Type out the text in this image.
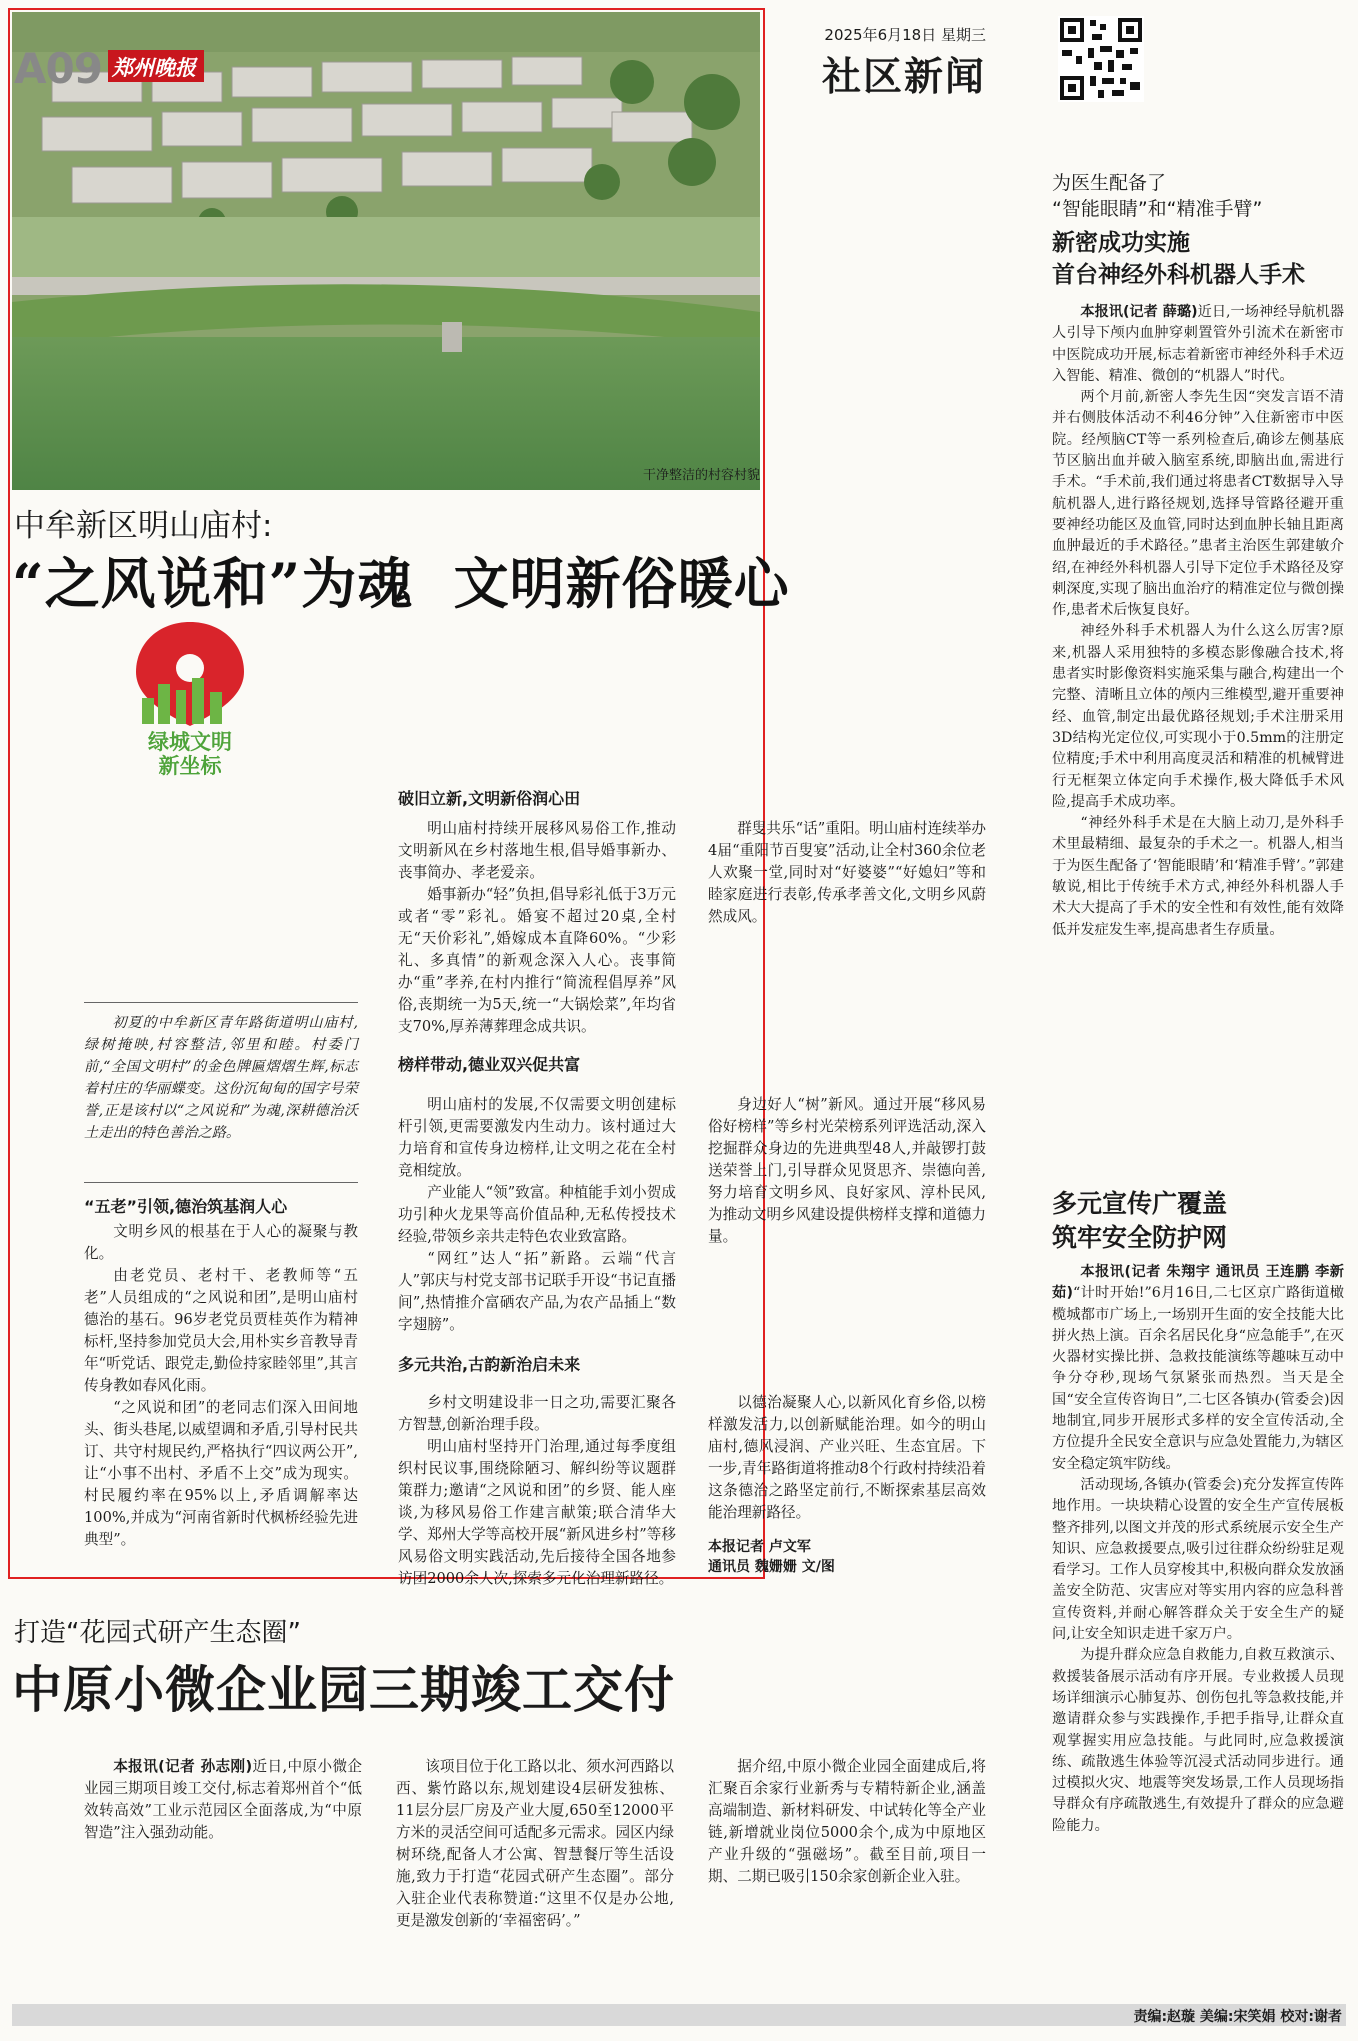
A09 郑州晚报
干净整洁的村容村貌
2025年6月18日 星期三
社区新闻
中牟新区明山庙村:
“之风说和”为魂  文明新俗暖心
绿城文明
新坐标
初夏的中牟新区青年路街道明山庙村,绿树掩映,村容整洁,邻里和睦。村委门前,“全国文明村”的金色牌匾熠熠生辉,标志着村庄的华丽蝶变。这份沉甸甸的国字号荣誉,正是该村以“之风说和”为魂,深耕德治沃土走出的特色善治之路。
“五老”引领,德治筑基润人心

文明乡风的根基在于人心的凝聚与教化。

由老党员、老村干、老教师等“五老”人员组成的“之风说和团”,是明山庙村德治的基石。96岁老党员贾桂英作为精神标杆,坚持参加党员大会,用朴实乡音教导青年“听党话、跟党走,勤俭持家睦邻里”,其言传身教如春风化雨。

“之风说和团”的老同志们深入田间地头、街头巷尾,以威望调和矛盾,引导村民共订、共守村规民约,严格执行“四议两公开”,让“小事不出村、矛盾不上交”成为现实。村民履约率在95%以上,矛盾调解率达100%,并成为“河南省新时代枫桥经验先进典型”。

破旧立新,文明新俗润心田

明山庙村持续开展移风易俗工作,推动文明新风在乡村落地生根,倡导婚事新办、丧事简办、孝老爱亲。

婚事新办“轻”负担,倡导彩礼低于3万元或者“零”彩礼。婚宴不超过20桌,全村无“天价彩礼”,婚嫁成本直降60%。“少彩礼、多真情”的新观念深入人心。丧事简办“重”孝养,在村内推行“简流程倡厚养”风俗,丧期统一为5天,统一“大锅烩菜”,年均省支70%,厚养薄葬理念成共识。

群叟共乐“话”重阳。明山庙村连续举办4届“重阳节百叟宴”活动,让全村360余位老人欢聚一堂,同时对“好婆婆”“好媳妇”等和睦家庭进行表彰,传承孝善文化,文明乡风蔚然成风。

榜样带动,德业双兴促共富

明山庙村的发展,不仅需要文明创建标杆引领,更需要激发内生动力。该村通过大力培育和宣传身边榜样,让文明之花在全村竞相绽放。

产业能人“领”致富。种植能手刘小贺成功引种火龙果等高价值品种,无私传授技术经验,带领乡亲共走特色农业致富路。

“网红”达人“拓”新路。云端“代言人”郭庆与村党支部书记联手开设“书记直播间”,热情推介富硒农产品,为农产品插上“数字翅膀”。

身边好人“树”新风。通过开展“移风易俗好榜样”等乡村光荣榜系列评选活动,深入挖掘群众身边的先进典型48人,并敲锣打鼓送荣誉上门,引导群众见贤思齐、崇德向善,努力培育文明乡风、良好家风、淳朴民风,为推动文明乡风建设提供榜样支撑和道德力量。

多元共治,古韵新治启未来

乡村文明建设非一日之功,需要汇聚各方智慧,创新治理手段。

明山庙村坚持开门治理,通过每季度组织村民议事,围绕除陋习、解纠纷等议题群策群力;邀请“之风说和团”的乡贤、能人座谈,为移风易俗工作建言献策;联合清华大学、郑州大学等高校开展“新风进乡村”等移风易俗文明实践活动,先后接待全国各地参访团2000余人次,探索多元化治理新路径。

以德治凝聚人心,以新风化育乡俗,以榜样激发活力,以创新赋能治理。如今的明山庙村,德风浸润、产业兴旺、生态宜居。下一步,青年路街道将推动8个行政村持续沿着这条德治之路坚定前行,不断探索基层高效能治理新路径。

本报记者 卢文军
通讯员 魏姗姗 文/图
为医生配备了
“智能眼睛”和“精准手臂”
新密成功实施
首台神经外科机器人手术

本报讯(记者 薛璐)近日,一场神经导航机器人引导下颅内血肿穿刺置管外引流术在新密市中医院成功开展,标志着新密市神经外科手术迈入智能、精准、微创的“机器人”时代。

两个月前,新密人李先生因“突发言语不清并右侧肢体活动不利46分钟”入住新密市中医院。经颅脑CT等一系列检查后,确诊左侧基底节区脑出血并破入脑室系统,即脑出血,需进行手术。“手术前,我们通过将患者CT数据导入导航机器人,进行路径规划,选择导管路径避开重要神经功能区及血管,同时达到血肿长轴且距离血肿最近的手术路径。”患者主治医生郭建敏介绍,在神经外科机器人引导下定位手术路径及穿刺深度,实现了脑出血治疗的精准定位与微创操作,患者术后恢复良好。

神经外科手术机器人为什么这么厉害?原来,机器人采用独特的多模态影像融合技术,将患者实时影像资料实施采集与融合,构建出一个完整、清晰且立体的颅内三维模型,避开重要神经、血管,制定出最优路径规划;手术注册采用3D结构光定位仪,可实现小于0.5mm的注册定位精度;手术中利用高度灵活和精准的机械臂进行无框架立体定向手术操作,极大降低手术风险,提高手术成功率。

“神经外科手术是在大脑上动刀,是外科手术里最精细、最复杂的手术之一。机器人,相当于为医生配备了‘智能眼睛’和‘精准手臂’。”郭建敏说,相比于传统手术方式,神经外科机器人手术大大提高了手术的安全性和有效性,能有效降低并发症发生率,提高患者生存质量。

多元宣传广覆盖
筑牢安全防护网

本报讯(记者 朱翔宇 通讯员 王连鹏 李新茹)“计时开始!”6月16日,二七区京广路街道橄榄城都市广场上,一场别开生面的安全技能大比拼火热上演。百余名居民化身“应急能手”,在灭火器材实操比拼、急救技能演练等趣味互动中争分夺秒,现场气氛紧张而热烈。当天是全国“安全宣传咨询日”,二七区各镇办(管委会)因地制宜,同步开展形式多样的安全宣传活动,全方位提升全民安全意识与应急处置能力,为辖区安全稳定筑牢防线。

活动现场,各镇办(管委会)充分发挥宣传阵地作用。一块块精心设置的安全生产宣传展板整齐排列,以图文并茂的形式系统展示安全生产知识、应急救援要点,吸引过往群众纷纷驻足观看学习。工作人员穿梭其中,积极向群众发放涵盖安全防范、灾害应对等实用内容的应急科普宣传资料,并耐心解答群众关于安全生产的疑问,让安全知识走进千家万户。

为提升群众应急自救能力,自救互救演示、救援装备展示活动有序开展。专业救援人员现场详细演示心肺复苏、创伤包扎等急救技能,并邀请群众参与实践操作,手把手指导,让群众直观掌握实用应急技能。与此同时,应急救援演练、疏散逃生体验等沉浸式活动同步进行。通过模拟火灾、地震等突发场景,工作人员现场指导群众有序疏散逃生,有效提升了群众的应急避险能力。

打造“花园式研产生态圈”
中原小微企业园三期竣工交付

本报讯(记者 孙志刚)近日,中原小微企业园三期项目竣工交付,标志着郑州首个“低效转高效”工业示范园区全面落成,为“中原智造”注入强劲动能。

该项目位于化工路以北、须水河西路以西、紫竹路以东,规划建设4层研发独栋、11层分层厂房及产业大厦,650至12000平方米的灵活空间可适配多元需求。园区内绿树环绕,配备人才公寓、智慧餐厅等生活设施,致力于打造“花园式研产生态圈”。部分入驻企业代表称赞道:“这里不仅是办公地,更是激发创新的‘幸福密码’。”

据介绍,中原小微企业园全面建成后,将汇聚百余家行业新秀与专精特新企业,涵盖高端制造、新材料研发、中试转化等全产业链,新增就业岗位5000余个,成为中原地区产业升级的“强磁场”。截至目前,项目一期、二期已吸引150余家创新企业入驻。

责编:赵璇 美编:宋笑娟 校对:谢者
